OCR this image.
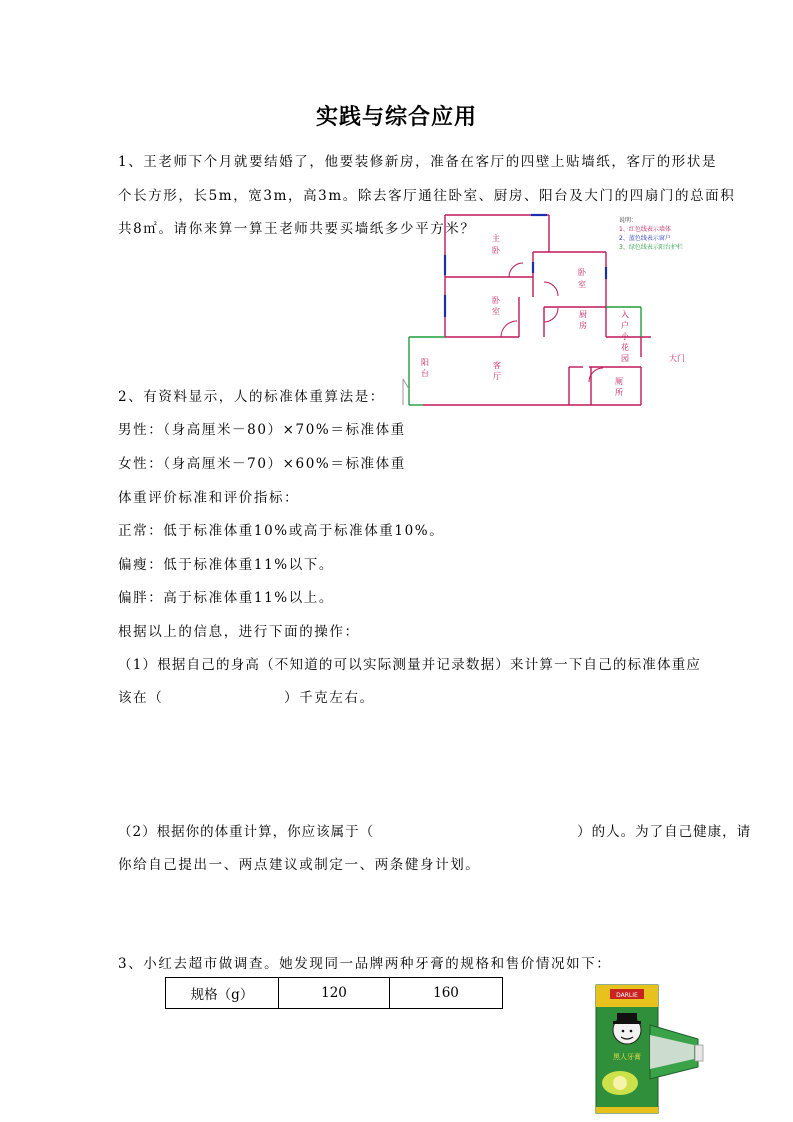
实践与综合应用
1、王老师下个月就要结婚了，他要装修新房，准备在客厅的四壁上贴墙纸，客厅的形状是
个长方形，长5m，宽3m，高3m。除去客厅通往卧室、厨房、阳台及大门的四扇门的总面积
共8㎡。请你来算一算王老师共要买墙纸多少平方米？
主
卧
卧
室
卧
室	厨
房
入
户
小
花
园	大门
阳
台
客
厅
厕
所
说明：
1、红色线表示墙体
2、蓝色线表示窗户
3、绿色线表示阳台护栏
2、有资料显示，人的标准体重算法是：
男性：（身高厘米－80）×70%＝标准体重
女性：（身高厘米－70）×60%＝标准体重
体重评价标准和评价指标：
正常：低于标准体重10%或高于标准体重10%。
偏瘦：低于标准体重11%以下。
偏胖：高于标准体重11%以上。
根据以上的信息，进行下面的操作：
（1）根据自己的身高（不知道的可以实际测量并记录数据）来计算一下自己的标准体重应
该在（　　　　　　　　）千克左右。
（2）根据你的体重计算，你应该属于（　　　　　　　　　　　　　　）的人。为了自己健康，请
你给自己提出一、两点建议或制定一、两条健身计划。
3、小红去超市做调查。她发现同一品牌两种牙膏的规格和售价情况如下：
规格（g）	120	160	DARLIE
黑人牙膏
